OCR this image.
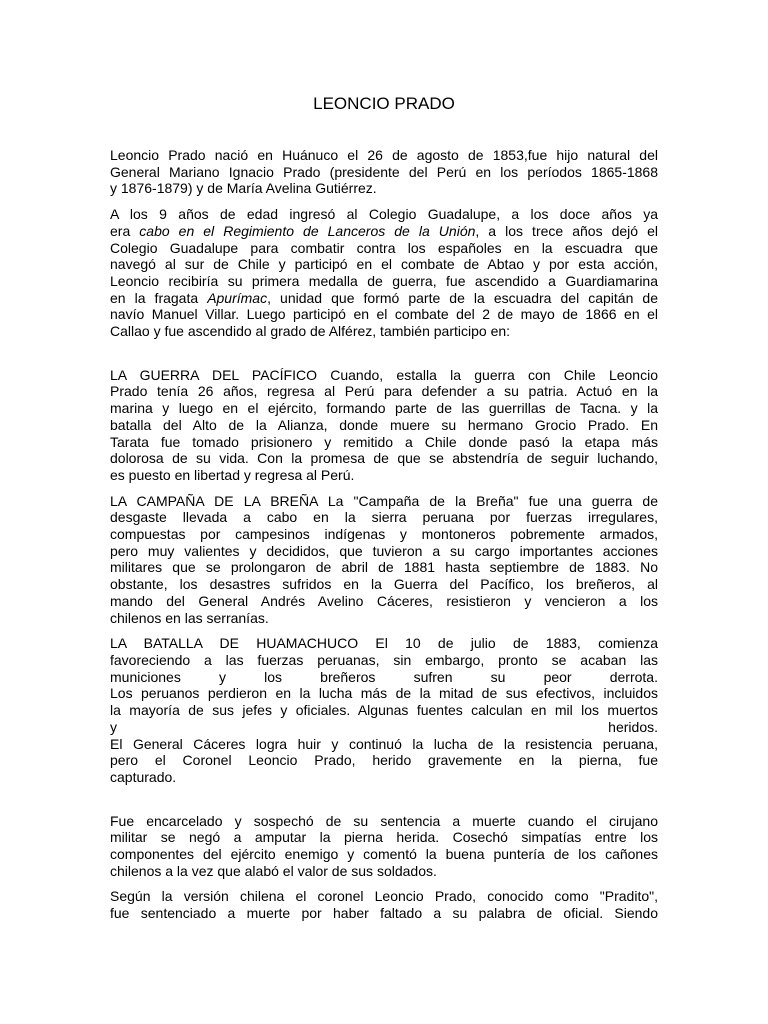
LEONCIO PRADO
Leoncio Prado nació en Huánuco el 26 de agosto de 1853,fue hijo natural del
General Mariano Ignacio Prado (presidente del Perú en los períodos 1865-1868
y 1876-1879) y de María Avelina Gutiérrez.
A los 9 años de edad ingresó al Colegio Guadalupe, a los doce años ya
era cabo en el Regimiento de Lanceros de la Unión, a los trece años dejó el
Colegio Guadalupe para combatir contra los españoles en la escuadra que
navegó al sur de Chile y participó en el combate de Abtao y por esta acción,
Leoncio recibiría su primera medalla de guerra, fue ascendido a Guardiamarina
en la fragata Apurímac, unidad que formó parte de la escuadra del capitán de
navío Manuel Villar. Luego participó en el combate del 2 de mayo de 1866 en el
Callao y fue ascendido al grado de Alférez, también participo en:
LA GUERRA DEL PACÍFICO Cuando, estalla la guerra con Chile Leoncio
Prado tenía 26 años, regresa al Perú para defender a su patria. Actuó en la
marina y luego en el ejército, formando parte de las guerrillas de Tacna. y la
batalla del Alto de la Alianza, donde muere su hermano Grocio Prado. En
Tarata fue tomado prisionero y remitido a Chile donde pasó la etapa más
dolorosa de su vida. Con la promesa de que se abstendría de seguir luchando,
es puesto en libertad y regresa al Perú.
LA CAMPAÑA DE LA BREÑA La "Campaña de la Breña" fue una guerra de
desgaste llevada a cabo en la sierra peruana por fuerzas irregulares,
compuestas por campesinos indígenas y montoneros pobremente armados,
pero muy valientes y decididos, que tuvieron a su cargo importantes acciones
militares que se prolongaron de abril de 1881 hasta septiembre de 1883. No
obstante, los desastres sufridos en la Guerra del Pacífico, los breñeros, al
mando del General Andrés Avelino Cáceres, resistieron y vencieron a los
chilenos en las serranías.
LA BATALLA DE HUAMACHUCO El 10 de julio de 1883, comienza
favoreciendo a las fuerzas peruanas, sin embargo, pronto se acaban las
municiones y los breñeros sufren su peor derrota.
Los peruanos perdieron en la lucha más de la mitad de sus efectivos, incluidos
la mayoría de sus jefes y oficiales. Algunas fuentes calculan en mil los muertos
y heridos.
El General Cáceres logra huir y continuó la lucha de la resistencia peruana,
pero el Coronel Leoncio Prado, herido gravemente en la pierna, fue
capturado.
Fue encarcelado y sospechó de su sentencia a muerte cuando el cirujano
militar se negó a amputar la pierna herida. Cosechó simpatías entre los
componentes del ejército enemigo y comentó la buena puntería de los cañones
chilenos a la vez que alabó el valor de sus soldados.
Según la versión chilena el coronel Leoncio Prado, conocido como "Pradito",
fue sentenciado a muerte por haber faltado a su palabra de oficial. Siendo
